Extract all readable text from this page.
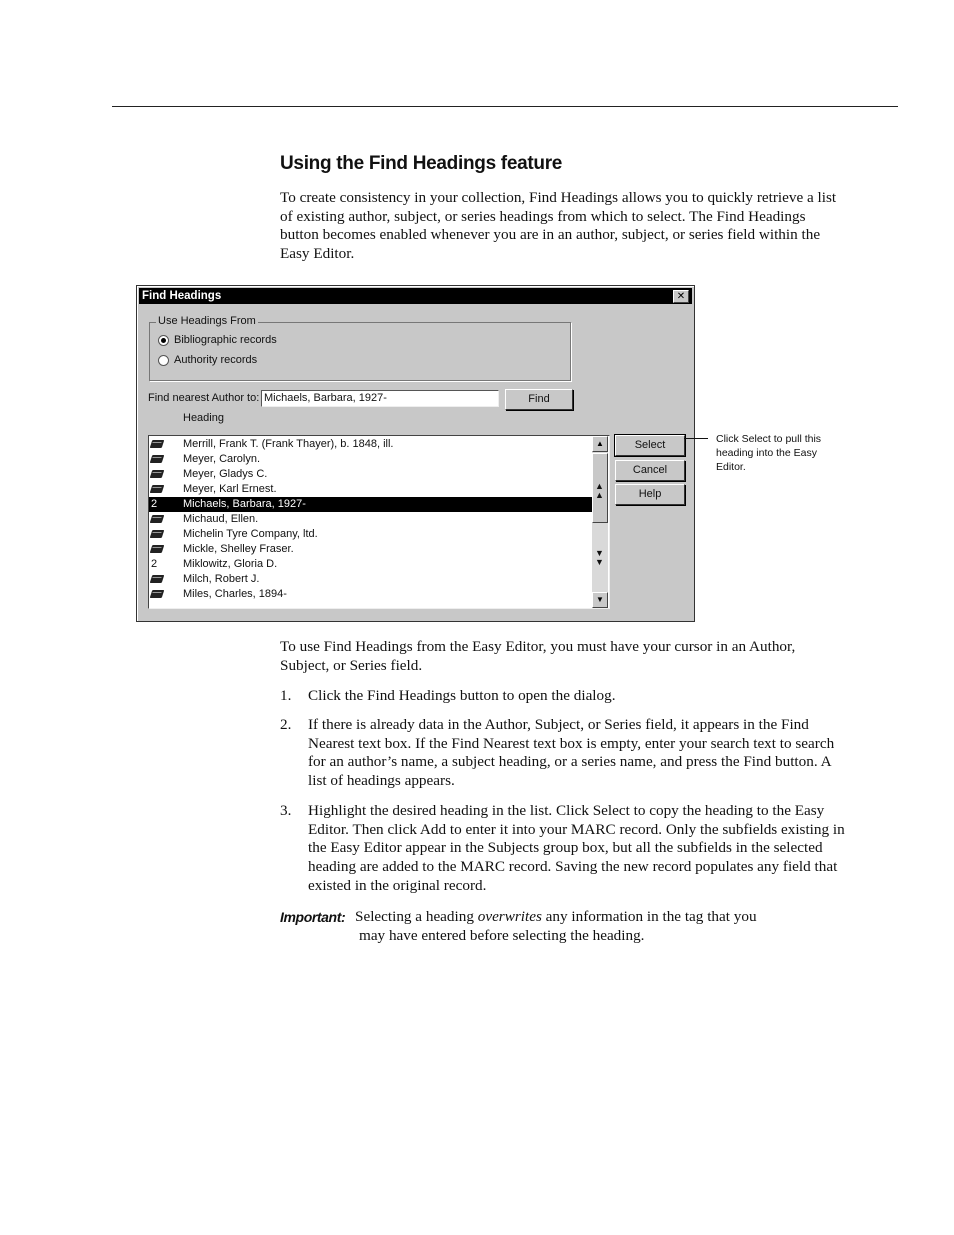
Using the Find Headings feature

To create consistency in your collection, Find Headings allows you to quickly retrieve a list of existing author, subject, or series headings from which to select. The Find Headings button becomes enabled whenever you are in an author, subject, or series field within the Easy Editor.

Find Headings	✕
Use Headings From
Bibliographic records
Authority records
Find nearest Author to:
Michaels, Barbara, 1927-	Find
Heading
Merrill, Frank T. (Frank Thayer), b. 1848, ill.
Meyer, Carolyn.
Meyer, Gladys C.
Meyer, Karl Ernest.
2 Michaels, Barbara, 1927-
Michaud, Ellen.
Michelin Tyre Company, ltd.
Mickle, Shelley Fraser.
2 Miklowitz, Gloria D.
Milch, Robert J.
Miles, Charles, 1894-
▲
▲
▲
▼
▼
▼
Select
Cancel
Help
Click Select to pull this heading into the Easy Editor.

To use Find Headings from the Easy Editor, you must have your cursor in an Author, Subject, or Series field.

1. Click the Find Headings button to open the dialog.
2. If there is already data in the Author, Subject, or Series field, it appears in the Find Nearest text box. If the Find Nearest text box is empty, enter your search text to search for an author’s name, a subject heading, or a series name, and press the Find button. A list of headings appears.
3. Highlight the desired heading in the list. Click Select to copy the heading to the Easy Editor. Then click Add to enter it into your MARC record. Only the subfields existing in the Easy Editor appear in the Subjects group box, but all the subfields in the selected heading are added to the MARC record. Saving the new record populates any field that existed in the original record.
Important: Selecting a heading overwrites any information in the tag that you
may have entered before selecting the heading.
